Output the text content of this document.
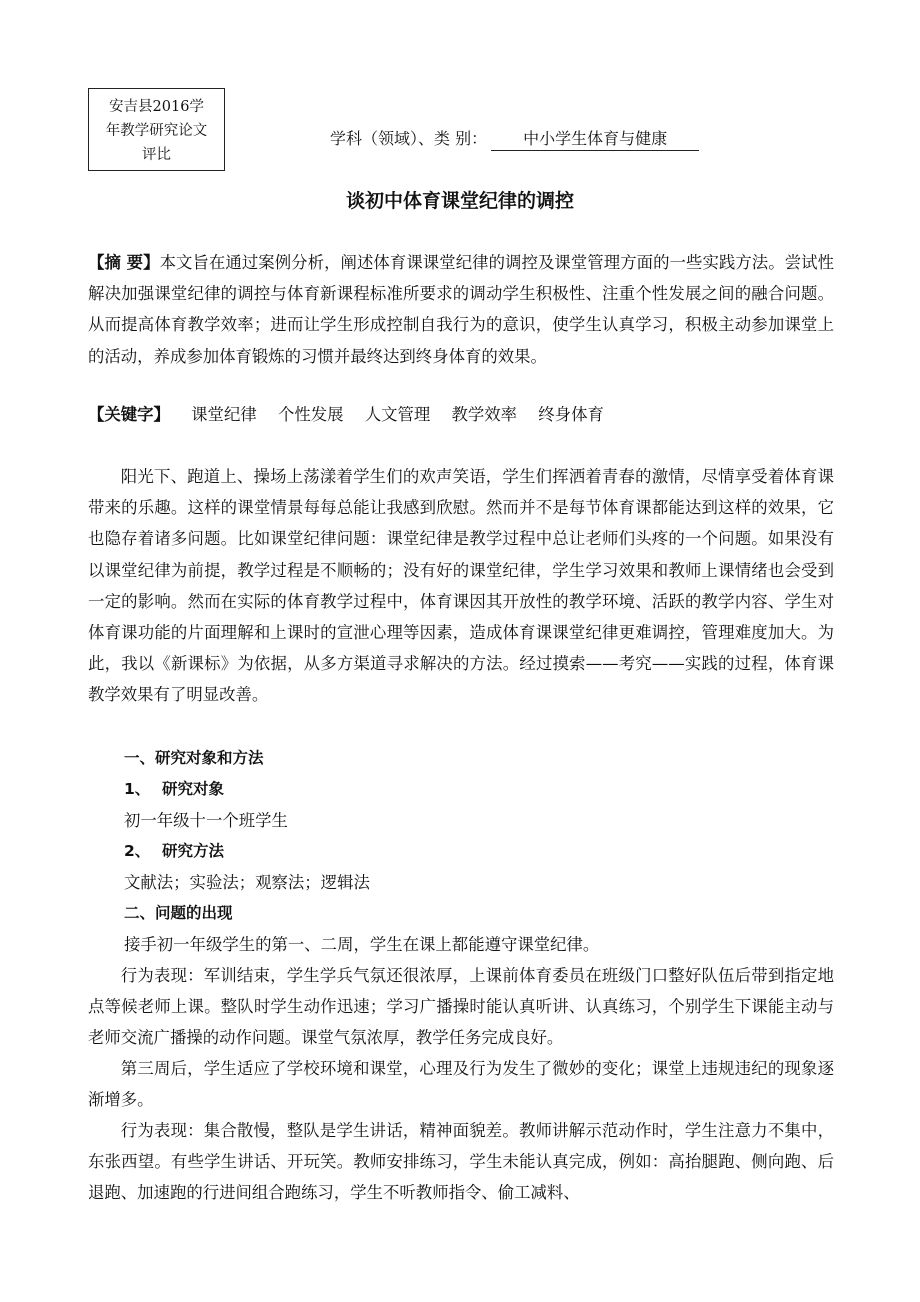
安吉县2016学
年教学研究论文
评比
学科（领域）、类 别： 中小学生体育与健康
谈初中体育课堂纪律的调控
【摘 要】本文旨在通过案例分析，阐述体育课课堂纪律的调控及课堂管理方面的一些实践方法。尝试性解决加强课堂纪律的调控与体育新课程标准所要求的调动学生积极性、注重个性发展之间的融合问题。从而提高体育教学效率；进而让学生形成控制自我行为的意识，使学生认真学习，积极主动参加课堂上的活动，养成参加体育锻炼的习惯并最终达到终身体育的效果。
【关键字】 课堂纪律 个性发展 人文管理 教学效率 终身体育
阳光下、跑道上、操场上荡漾着学生们的欢声笑语，学生们挥洒着青春的激情，尽情享受着体育课带来的乐趣。这样的课堂情景每每总能让我感到欣慰。然而并不是每节体育课都能达到这样的效果，它也隐存着诸多问题。比如课堂纪律问题：课堂纪律是教学过程中总让老师们头疼的一个问题。如果没有以课堂纪律为前提，教学过程是不顺畅的；没有好的课堂纪律，学生学习效果和教师上课情绪也会受到一定的影响。然而在实际的体育教学过程中，体育课因其开放性的教学环境、活跃的教学内容、学生对体育课功能的片面理解和上课时的宣泄心理等因素，造成体育课课堂纪律更难调控，管理难度加大。为此，我以《新课标》为依据，从多方渠道寻求解决的方法。经过摸索——考究——实践的过程，体育课教学效果有了明显改善。
一、研究对象和方法
1、 研究对象
初一年级十一个班学生
2、 研究方法
文献法；实验法；观察法；逻辑法
二、问题的出现
接手初一年级学生的第一、二周，学生在课上都能遵守课堂纪律。
行为表现：军训结束，学生学兵气氛还很浓厚，上课前体育委员在班级门口整好队伍后带到指定地点等候老师上课。整队时学生动作迅速；学习广播操时能认真听讲、认真练习，个别学生下课能主动与老师交流广播操的动作问题。课堂气氛浓厚，教学任务完成良好。
第三周后，学生适应了学校环境和课堂，心理及行为发生了微妙的变化；课堂上违规违纪的现象逐渐增多。
行为表现：集合散慢，整队是学生讲话，精神面貌差。教师讲解示范动作时，学生注意力不集中，东张西望。有些学生讲话、开玩笑。教师安排练习，学生未能认真完成，例如：高抬腿跑、侧向跑、后退跑、加速跑的行进间组合跑练习，学生不听教师指令、偷工减料、
